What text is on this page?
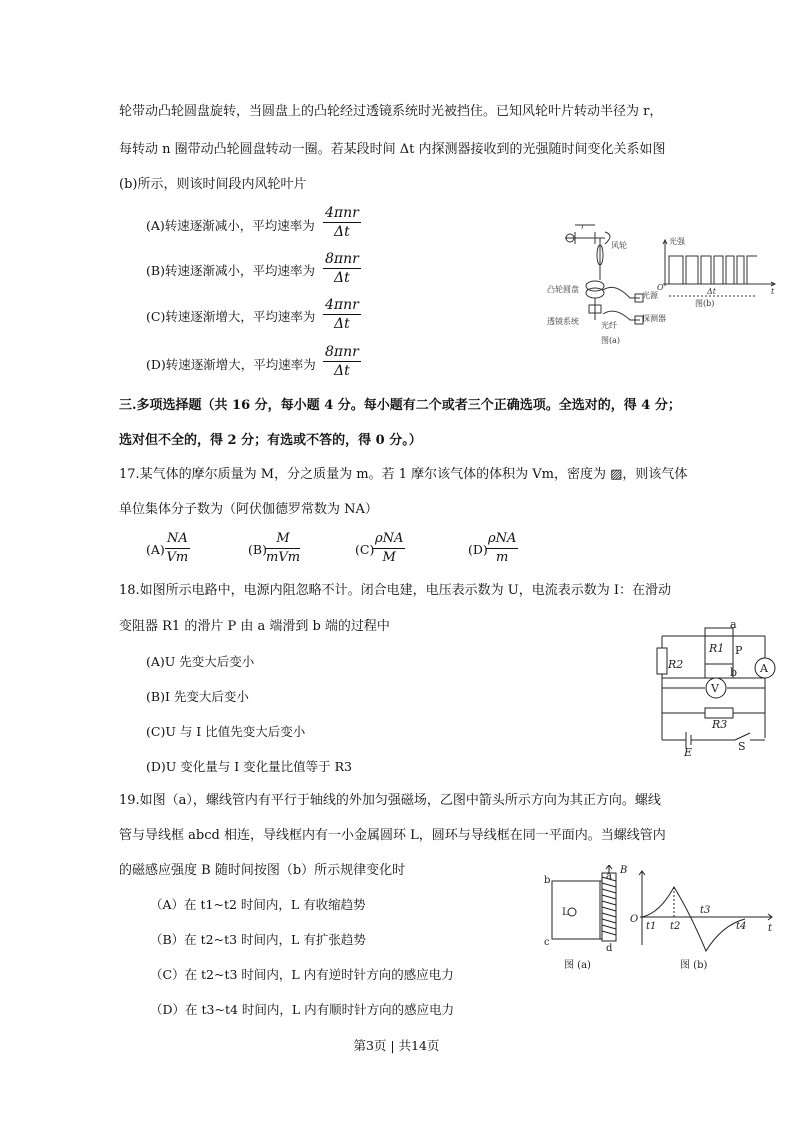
轮带动凸轮圆盘旋转，当圆盘上的凸轮经过透镜系统时光被挡住。已知风轮叶片转动半径为 r，
每转动 n 圈带动凸轮圆盘转动一圈。若某段时间 Δt 内探测器接收到的光强随时间变化关系如图
(b)所示，则该时间段内风轮叶片
(A)转速逐渐减小，平均速率为
4πnr
Δt
(B)转速逐渐减小，平均速率为
8πnr
Δt
(C)转速逐渐增大，平均速率为
4πnr
Δt
(D)转速逐渐增大，平均速率为
8πnr
Δt
r
风轮
凸轮圆盘
光源
透镜系统	探测器
光纤
图(a)
光强
O	t
Δt
图(b)
三.多项选择题（共 16 分，每小题 4 分。每小题有二个或者三个正确选项。全选对的，得 4 分；
选对但不全的，得 2 分；有选或不答的，得 0 分。）
17.某气体的摩尔质量为 M，分之质量为 m。若 1 摩尔该气体的体积为 Vm，密度为 ▨，则该气体
单位集体分子数为（阿伏伽德罗常数为 NA）
$(A) \frac{NA}{Vm}$	(B)
M
mVm
(C)
ρNA
M
(D)
ρNA
m
18.如图所示电路中，电源内阻忽略不计。闭合电建，电压表示数为 U，电流表示数为 I：在滑动
变阻器 R1 的滑片 P 由 a 端滑到 b 端的过程中
(A)U 先变大后变小
(B)I 先变大后变小
(C)U 与 I 比值先变大后变小
(D)U 变化量与 I 变化量比值等于 R3
a
b
P
R1
R2
R3
A
V
E	S
19.如图（a），螺线管内有平行于轴线的外加匀强磁场，乙图中箭头所示方向为其正方向。螺线
管与导线框 abcd 相连，导线框内有一小金属圆环 L，圆环与导线框在同一平面内。当螺线管内
的磁感应强度 B 随时间按图（b）所示规律变化时
（A）在 t1~t2 时间内，L 有收缩趋势
（B）在 t2~t3 时间内，L 有扩张趋势
（C）在 t2~t3 时间内，L 内有逆时针方向的感应电力
（D）在 t3~t4 时间内，L 内有顺时针方向的感应电力
b
c
a
d
L
B
O
t
t1 t2
t3
t4
图 (a)	图 (b)
第3页 | 共14页
